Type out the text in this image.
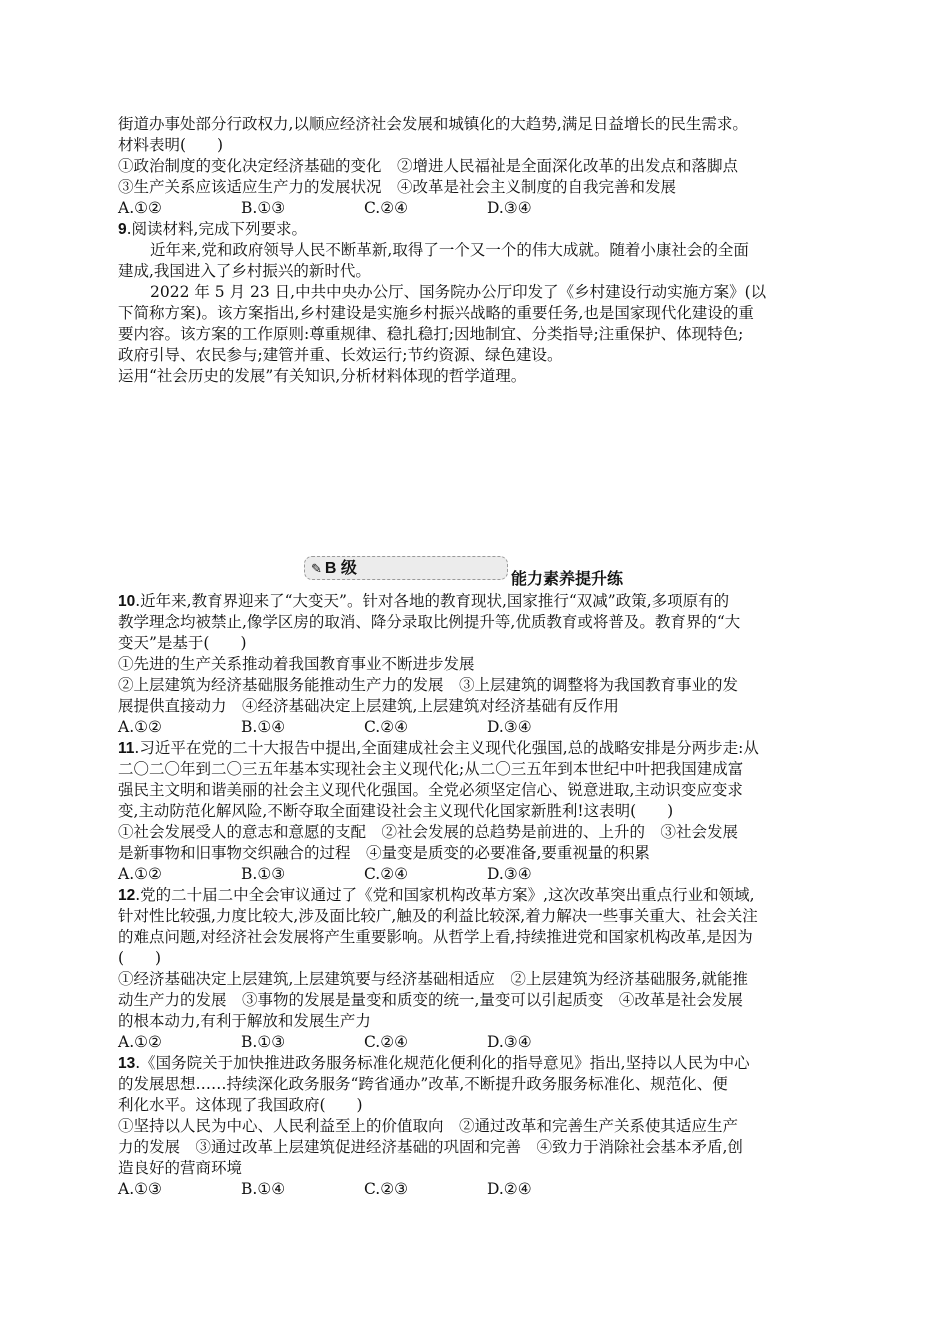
街道办事处部分行政权力,以顺应经济社会发展和城镇化的大趋势,满足日益增长的民生需求。
材料表明(　　)
①政治制度的变化决定经济基础的变化　②增进人民福祉是全面深化改革的出发点和落脚点
③生产关系应该适应生产力的发展状况　④改革是社会主义制度的自我完善和发展
A.①②	B.①③	C.②④	D.③④
9.阅读材料,完成下列要求。
近年来,党和政府领导人民不断革新,取得了一个又一个的伟大成就。随着小康社会的全面
建成,我国进入了乡村振兴的新时代。
2022 年 5 月 23 日,中共中央办公厅、国务院办公厅印发了《乡村建设行动实施方案》(以
下简称方案)。该方案指出,乡村建设是实施乡村振兴战略的重要任务,也是国家现代化建设的重
要内容。该方案的工作原则:尊重规律、稳扎稳打;因地制宜、分类指导;注重保护、体现特色;
政府引导、农民参与;建管并重、长效运行;节约资源、绿色建设。
运用“社会历史的发展”有关知识,分析材料体现的哲学道理。
✎ B 级
能力素养提升练
10.近年来,教育界迎来了“大变天”。针对各地的教育现状,国家推行“双减”政策,多项原有的
教学理念均被禁止,像学区房的取消、降分录取比例提升等,优质教育或将普及。教育界的“大
变天”是基于(　　)
①先进的生产关系推动着我国教育事业不断进步发展
②上层建筑为经济基础服务能推动生产力的发展　③上层建筑的调整将为我国教育事业的发
展提供直接动力　④经济基础决定上层建筑,上层建筑对经济基础有反作用
A.①②	B.①④	C.②④	D.③④
11.习近平在党的二十大报告中提出,全面建成社会主义现代化强国,总的战略安排是分两步走:从
二〇二〇年到二〇三五年基本实现社会主义现代化;从二〇三五年到本世纪中叶把我国建成富
强民主文明和谐美丽的社会主义现代化强国。全党必须坚定信心、锐意进取,主动识变应变求
变,主动防范化解风险,不断夺取全面建设社会主义现代化国家新胜利!这表明(　　)
①社会发展受人的意志和意愿的支配　②社会发展的总趋势是前进的、上升的　③社会发展
是新事物和旧事物交织融合的过程　④量变是质变的必要准备,要重视量的积累
A.①②	B.①③	C.②④	D.③④
12.党的二十届二中全会审议通过了《党和国家机构改革方案》,这次改革突出重点行业和领域,
针对性比较强,力度比较大,涉及面比较广,触及的利益比较深,着力解决一些事关重大、社会关注
的难点问题,对经济社会发展将产生重要影响。从哲学上看,持续推进党和国家机构改革,是因为
(　　)
①经济基础决定上层建筑,上层建筑要与经济基础相适应　②上层建筑为经济基础服务,就能推
动生产力的发展　③事物的发展是量变和质变的统一,量变可以引起质变　④改革是社会发展
的根本动力,有利于解放和发展生产力
A.①②	B.①③	C.②④	D.③④
13.《国务院关于加快推进政务服务标准化规范化便利化的指导意见》指出,坚持以人民为中心
的发展思想……持续深化政务服务“跨省通办”改革,不断提升政务服务标准化、规范化、便
利化水平。这体现了我国政府(　　)
①坚持以人民为中心、人民利益至上的价值取向　②通过改革和完善生产关系使其适应生产
力的发展　③通过改革上层建筑促进经济基础的巩固和完善　④致力于消除社会基本矛盾,创
造良好的营商环境
A.①③	B.①④	C.②③	D.②④
